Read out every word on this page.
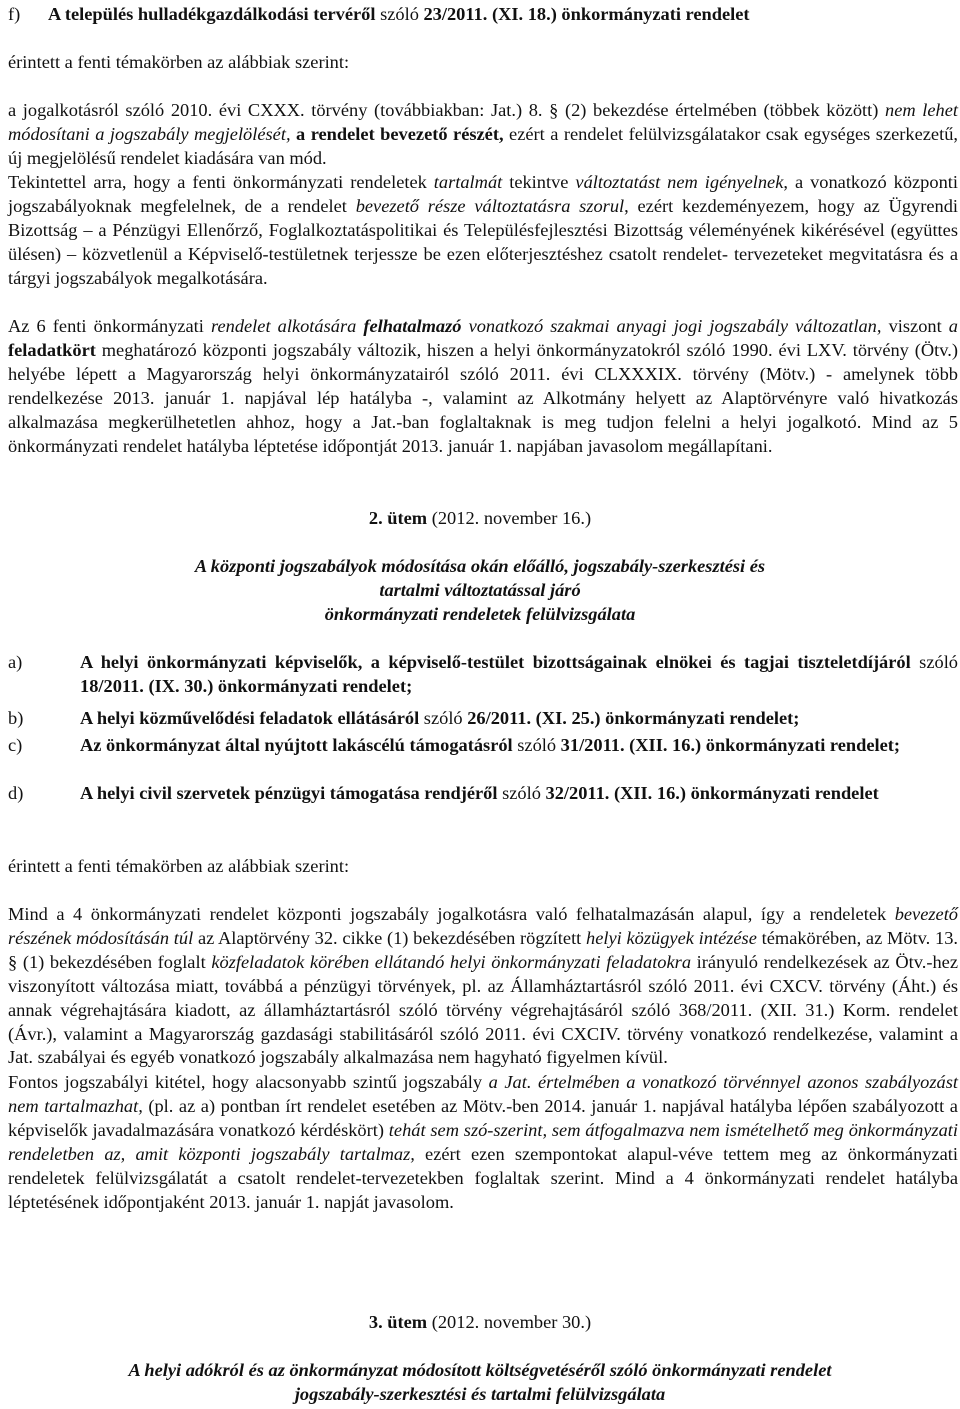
f) A település hulladékgazdálkodási tervéről szóló 23/2011. (XI. 18.) önkormányzati rendelet
érintett a fenti témakörben az alábbiak szerint:
a jogalkotásról szóló 2010. évi CXXX. törvény (továbbiakban: Jat.) 8. § (2) bekezdése értelmében (többek között) nem lehet módosítani a jogszabály megjelölését, a rendelet bevezető részét, ezért a rendelet felülvizsgálatakor csak egységes szerkezetű, új megjelölésű rendelet kiadására van mód.
Tekintettel arra, hogy a fenti önkormányzati rendeletek tartalmát tekintve változtatást nem igényelnek, a vonatkozó központi jogszabályoknak megfelelnek, de a rendelet bevezető része változtatásra szorul, ezért kezdeményezem, hogy az Ügyrendi Bizottság – a Pénzügyi Ellenőrző, Foglalkoztatáspolitikai és Településfejlesztési Bizottság véleményének kikérésével (együttes ülésen) – közvetlenül a Képviselő-testületnek terjessze be ezen előterjesztéshez csatolt rendelet- tervezeteket megvitatásra és a tárgyi jogszabályok megalkotására.
Az 6 fenti önkormányzati rendelet alkotására felhatalmazó vonatkozó szakmai anyagi jogi jogszabály változatlan, viszont a feladatkört meghatározó központi jogszabály változik, hiszen a helyi önkormányzatokról szóló 1990. évi LXV. törvény (Ötv.) helyébe lépett a Magyarország helyi önkormányzatairól szóló 2011. évi CLXXXIX. törvény (Mötv.) - amelynek több rendelkezése 2013. január 1. napjával lép hatályba -, valamint az Alkotmány helyett az Alaptörvényre való hivatkozás alkalmazása megkerülhetetlen ahhoz, hogy a Jat.-ban foglaltaknak is meg tudjon felelni a helyi jogalkotó. Mind az 5 önkormányzati rendelet hatályba léptetése időpontját 2013. január 1. napjában javasolom megállapítani.
2. ütem (2012. november 16.)
A központi jogszabályok módosítása okán előálló, jogszabály-szerkesztési és
tartalmi változtatással járó
önkormányzati rendeletek felülvizsgálata
a)	A helyi önkormányzati képviselők, a képviselő-testület bizottságainak elnökei és tagjai tiszteletdíjáról szóló 18/2011. (IX. 30.) önkormányzati rendelet;
b)	A helyi közművelődési feladatok ellátásáról szóló 26/2011. (XI. 25.) önkormányzati rendelet;
c)	Az önkormányzat által nyújtott lakáscélú támogatásról szóló 31/2011. (XII. 16.) önkormányzati rendelet;
d)	A helyi civil szervetek pénzügyi támogatása rendjéről szóló 32/2011. (XII. 16.) önkormányzati rendelet
érintett a fenti témakörben az alábbiak szerint:
Mind a 4 önkormányzati rendelet központi jogszabály jogalkotásra való felhatalmazásán alapul, így a rendeletek bevezető részének módosításán túl az Alaptörvény 32. cikke (1) bekezdésében rögzített helyi közügyek intézése témakörében, az Mötv. 13. § (1) bekezdésében foglalt közfeladatok körében ellátandó helyi önkormányzati feladatokra irányuló rendelkezések az Ötv.-hez viszonyított változása miatt, továbbá a pénzügyi törvények, pl. az Államháztartásról szóló 2011. évi CXCV. törvény (Áht.) és annak végrehajtására kiadott, az államháztartásról szóló törvény végrehajtásáról szóló 368/2011. (XII. 31.) Korm. rendelet (Ávr.), valamint a Magyarország gazdasági stabilitásáról szóló 2011. évi CXCIV. törvény vonatkozó rendelkezése, valamint a Jat. szabályai és egyéb vonatkozó jogszabály alkalmazása nem hagyható figyelmen kívül.
Fontos jogszabályi kitétel, hogy alacsonyabb szintű jogszabály a Jat. értelmében a vonatkozó törvénnyel azonos szabályozást nem tartalmazhat, (pl. az a) pontban írt rendelet esetében az Mötv.-ben 2014. január 1. napjával hatályba lépően szabályozott a képviselők javadalmazására vonatkozó kérdéskört) tehát sem szó-szerint, sem átfogalmazva nem ismételhető meg önkormányzati rendeletben az, amit központi jogszabály tartalmaz, ezért ezen szempontokat alapul-véve tettem meg az önkormányzati rendeletek felülvizsgálatát a csatolt rendelet-tervezetekben foglaltak szerint. Mind a 4 önkormányzati rendelet hatályba léptetésének időpontjaként 2013. január 1. napját javasolom.
3. ütem (2012. november 30.)
A helyi adókról és az önkormányzat módosított költségvetéséről szóló önkormányzati rendelet
jogszabály-szerkesztési és tartalmi felülvizsgálata
